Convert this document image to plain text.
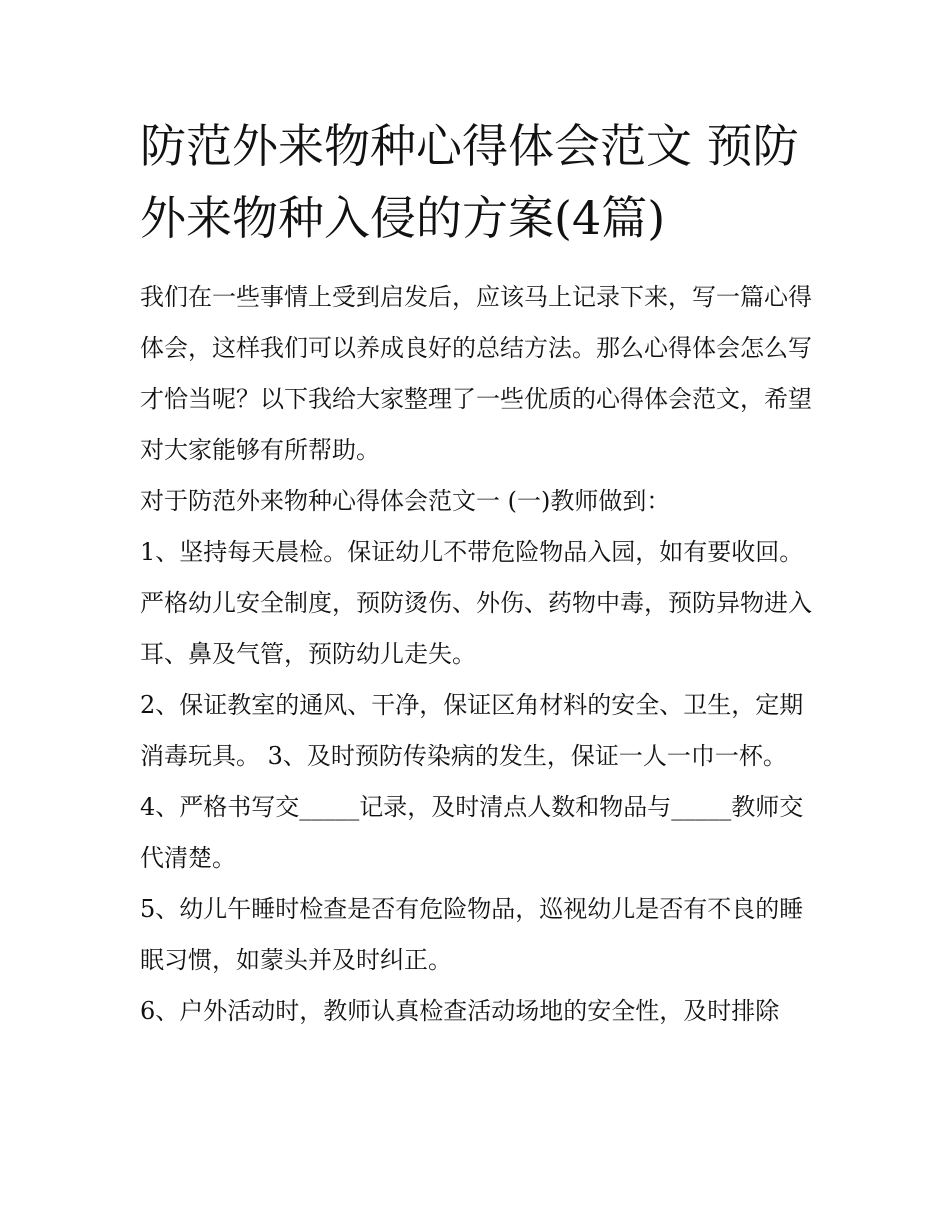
防范外来物种心得体会范文 预防外来物种入侵的方案(4篇)

我们在一些事情上受到启发后，应该马上记录下来，写一篇心得体会，这样我们可以养成良好的总结方法。那么心得体会怎么写才恰当呢？以下我给大家整理了一些优质的心得体会范文，希望对大家能够有所帮助。

对于防范外来物种心得体会范文一 (一)教师做到：

1、坚持每天晨检。保证幼儿不带危险物品入园，如有要收回。严格幼儿安全制度，预防烫伤、外伤、药物中毒，预防异物进入耳、鼻及气管，预防幼儿走失。

2、保证教室的通风、干净，保证区角材料的安全、卫生，定期消毒玩具。 3、及时预防传染病的发生，保证一人一巾一杯。

4、严格书写交_____记录，及时清点人数和物品与_____教师交代清楚。

5、幼儿午睡时检查是否有危险物品，巡视幼儿是否有不良的睡眠习惯，如蒙头并及时纠正。

6、户外活动时，教师认真检查活动场地的安全性，及时排除
